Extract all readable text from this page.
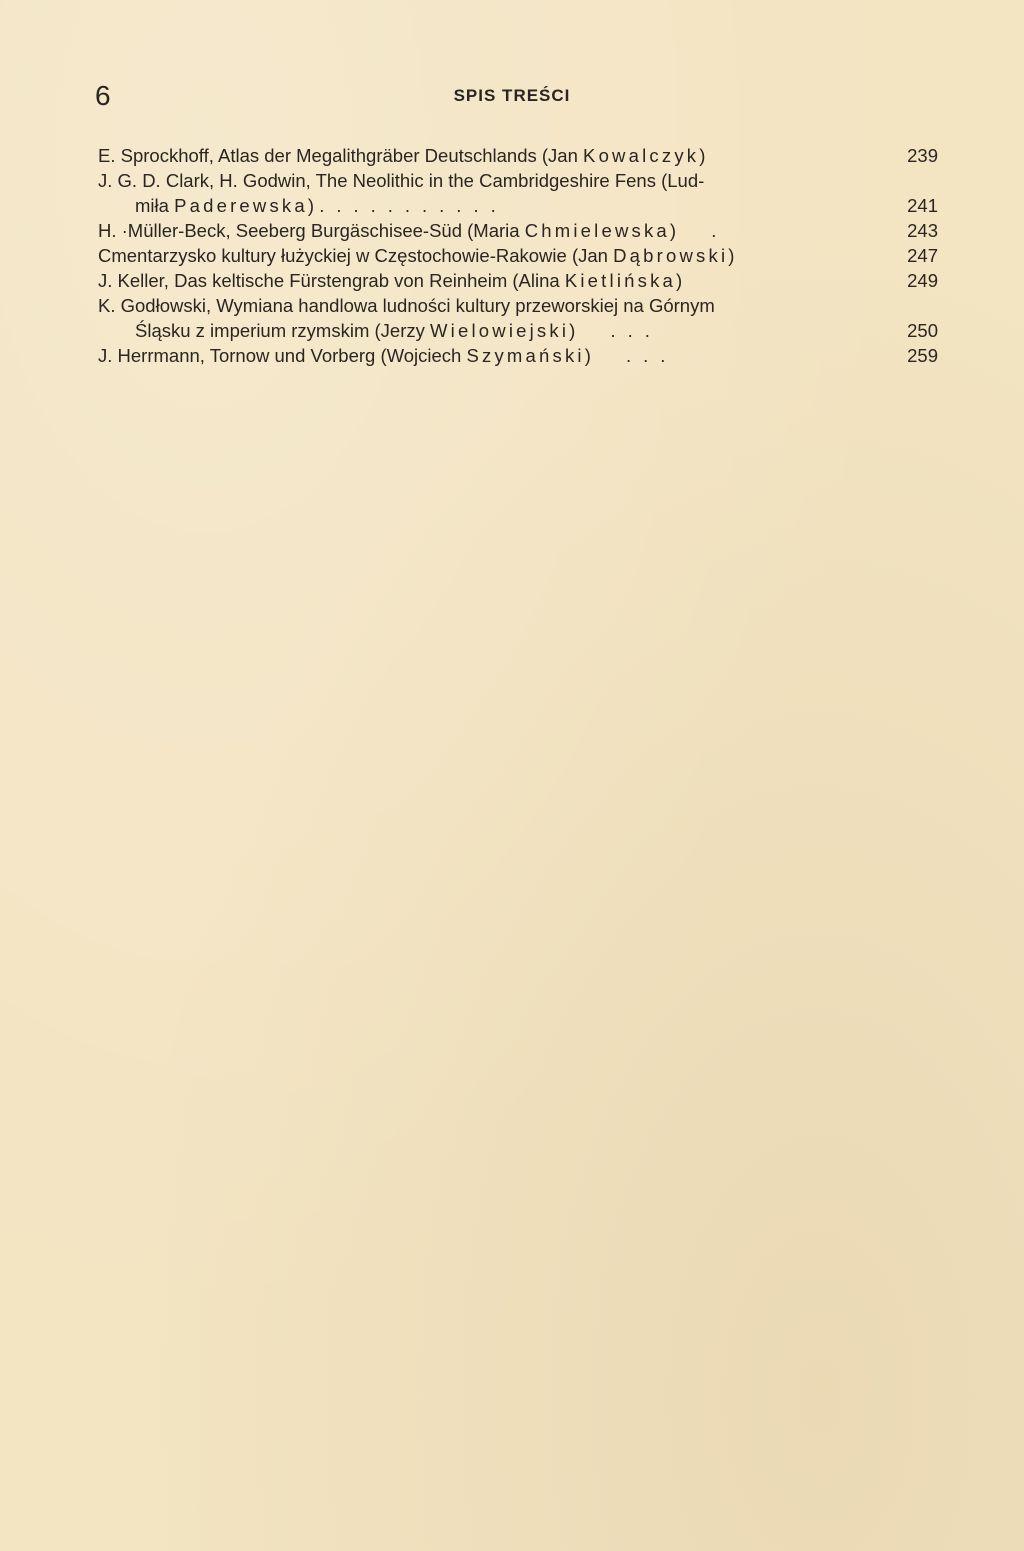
6	SPIS TREŚCI
E. Sprockhoff, Atlas der Megalithgräber Deutschlands (Jan Kowalczyk)	239
J. G. D. Clark, H. Godwin, The Neolithic in the Cambridgeshire Fens (Lud-
miła Paderewska) ...........	241
H. ·Müller-Beck, Seeberg Burgäschisee-Süd (Maria Chmielewska) .	243
Cmentarzysko kultury łużyckiej w Częstochowie-Rakowie (Jan Dąbrowski)	247
J. Keller, Das keltische Fürstengrab von Reinheim (Alina Kietlińska)	249
K. Godłowski, Wymiana handlowa ludności kultury przeworskiej na Górnym
Śląsku z imperium rzymskim (Jerzy Wielowiejski) ...	250
J. Herrmann, Tornow und Vorberg (Wojciech Szymański) ...	259
